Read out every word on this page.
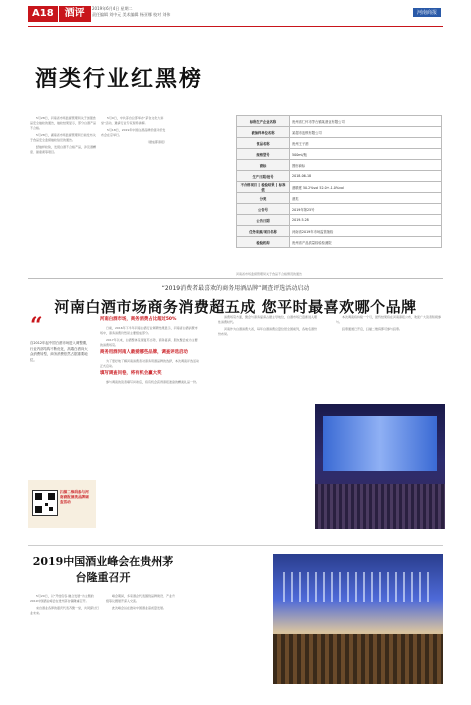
A18	酒评	2019年6月4日 星期二
责任编辑 刘中元 美术编辑 杨亚娜 校对 刘伟	河南商报
酒类行业红黑榜

5月28日，河南省市场监督管理局关于加强食品安全抽检的通告，抽检结果显示，部分白酒产品不合格。

5月28日，湖南省市场监督管理局日前发布关于食品安全监督抽检信息的通告。

经抽样检验，发现白酒不合格产品，涉及酒精度、甜蜜素等项目。

5月9日，中共茅台总部举办“茅台文化大讲堂”活动，邀请行业专家现场讲解。

5月18日，2019年中国白酒品牌价值评价发布会在京举行。

（据成都商报）

标称生产企业名称	贵州省仁怀市茅台镇某酒业有限公司
被抽样单位名称	某超市连锁有限公司
食品名称	贵州王子酒
规格型号	500ml/瓶
商标	图形商标
生产日期/批号	2018-06-18
不合格项目 ║ 检验结果 ║ 标准值	酒精度 50.2%vol 52.0+-1.0%vol
分类	酒类
公告号	2019年第25号
公告日期	2019.5.28
任务来源/项目名称	河南省2019年市场监管抽检
检验机构	贵州省产品质量检验检测院
河南省市场监督管理局关于食品不合格情况的通告
“2019消费者最喜欢的商务用酒品牌”调查评选活动启动
河南白酒市场商务消费超五成 您平时最喜欢哪个品牌
“
自2012年起中国白酒市场进入调整期，行业内部结构不断优化，高端白酒向大众消费转型，商务消费依然占据重要地位。
扫描二维码参与河南商报酒类品牌调查活动
河南白酒市场，商务消费占比超过50%

日前，2016年下半年河南白酒行业调研结果显示，河南省白酒消费市场中，商务消费仍然是主要组成部分。

2017年以来，白酒整体呈现复苏态势，商务宴请、朋友聚会成为主要的消费场景。

商务用酒河南人最爱哪些品牌，调查评选启动

为了更好地了解河南消费者对商务用酒品牌的选择，本次调查评选活动正式启动。

填写调查问卷，将有机会赢大奖

参与调查的读者填写问卷后，将有机会获得商报准备的精美礼品一份。

消费场景方面，聚会与商务宴请占据主导地位，白酒市场已逐渐进入理性消费时代。

河南作为白酒消费大省，每年白酒消费总量位居全国前列，各地名酒纷纷布局。

本次调查将持续一个月，最终结果将在河南商报公布，欢迎广大读者积极参与。

投票通道已开启，扫描二维码即可参与投票。

2019中国酒业峰会在贵州茅台隆重召开

5月20日，以“开放包容·融合发展”为主题的2019中国酒业峰会在贵州茅台镇隆重召开。

来自酒业各界的嘉宾代表齐聚一堂，共同探讨行业未来。

峰会期间，多家酒企代表围绕品牌建设、产业升级等议题展开深入交流。

此次峰会旨在推动中国酒业高质量发展。
